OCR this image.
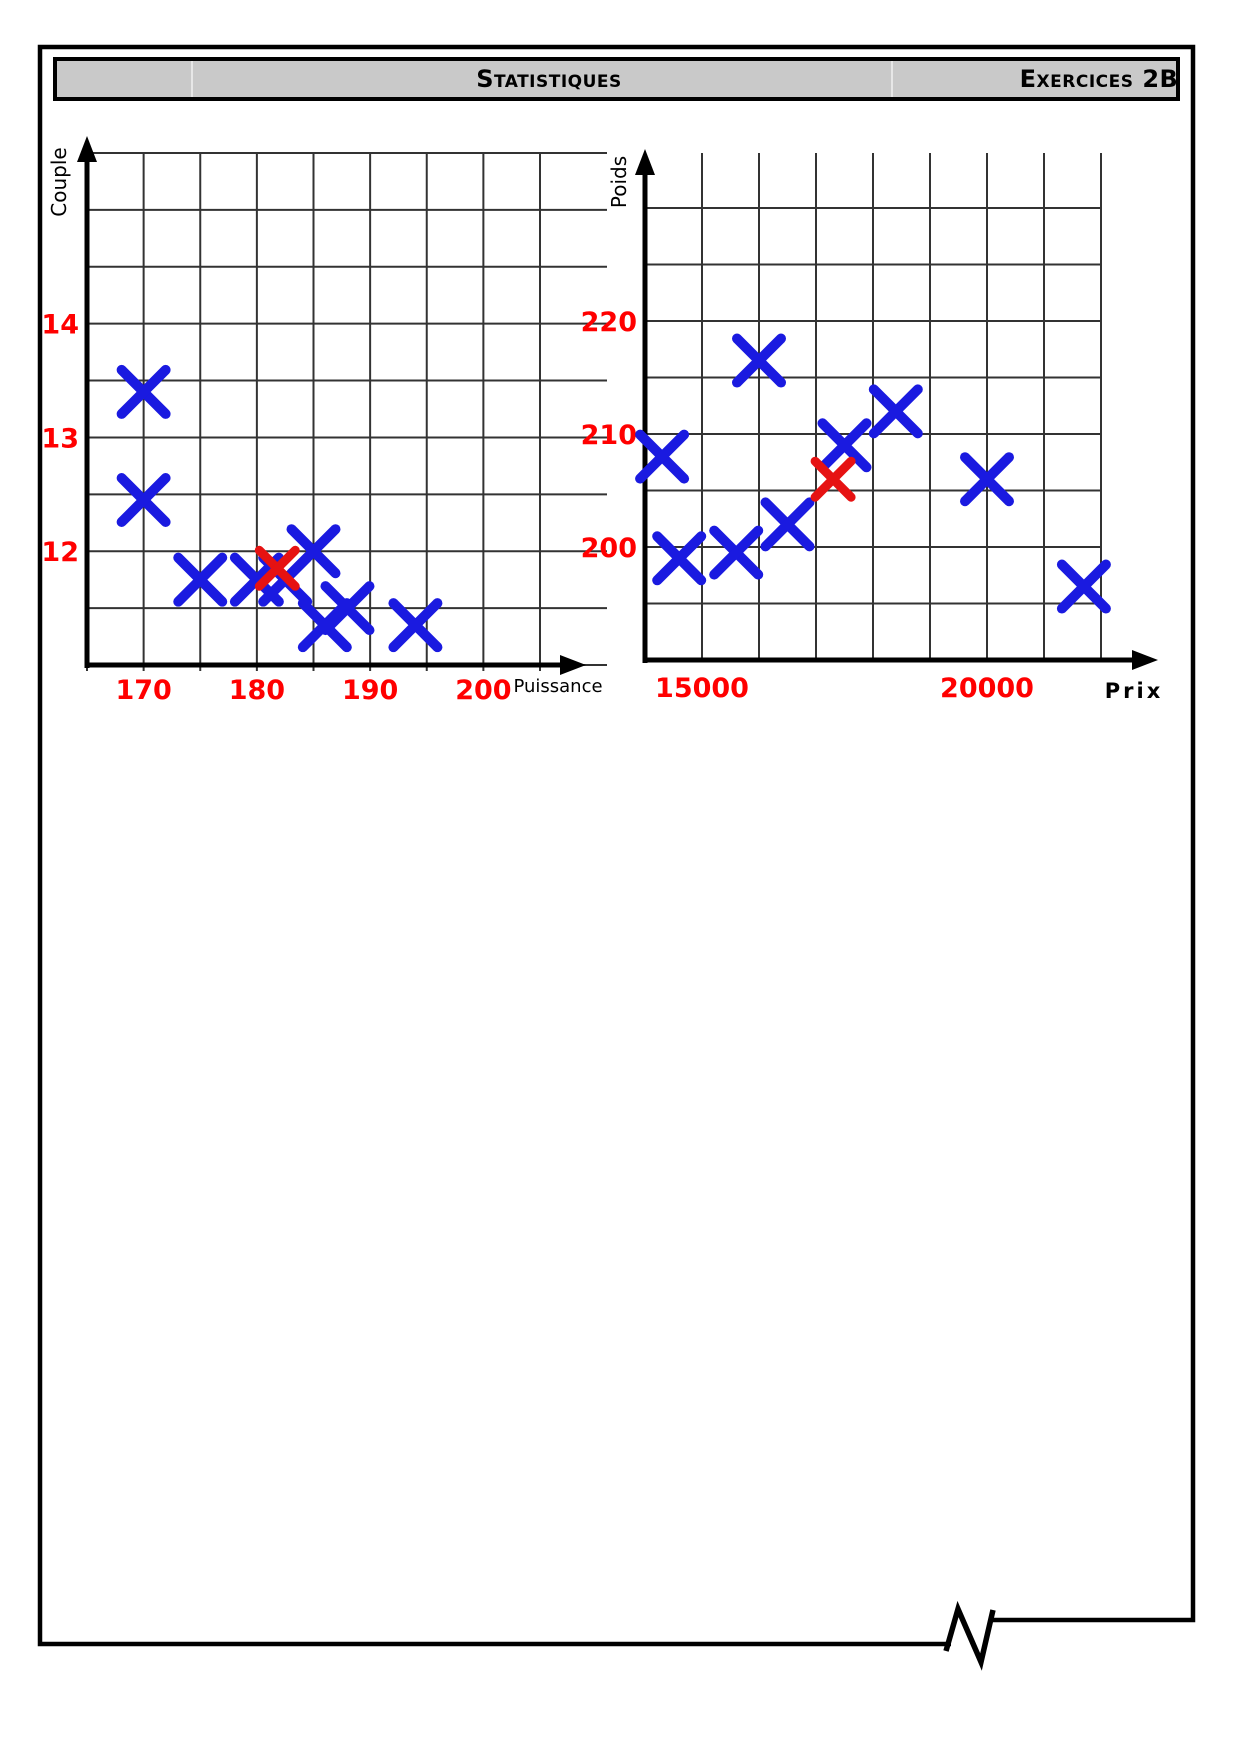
170 180 190 200
14
13
12
Puissance
Couple
15000	20000
220
210
200
Prix
Poids
Statistiques	Exercices 2B
